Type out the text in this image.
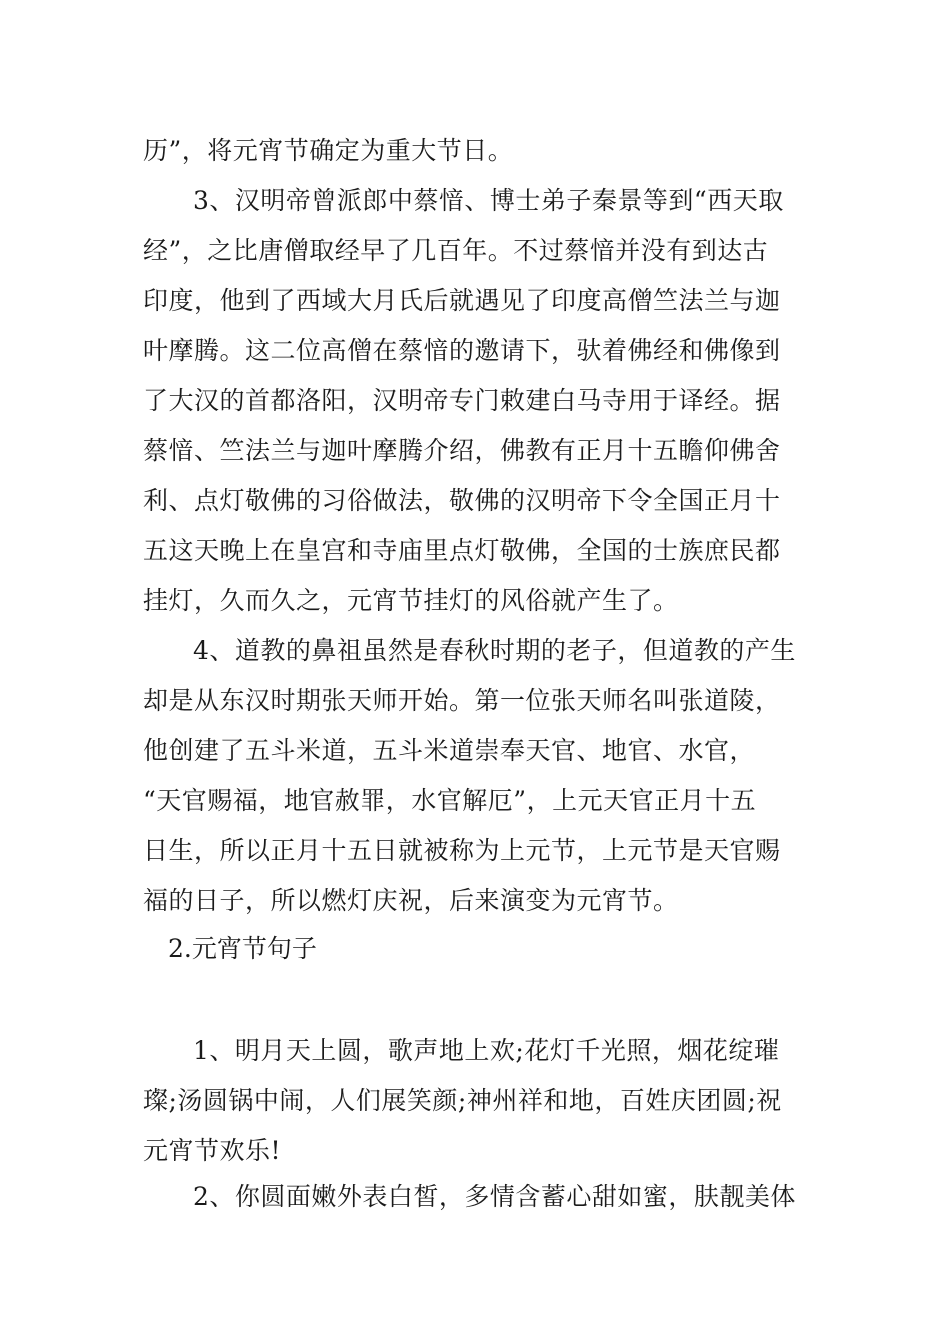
历”，将元宵节确定为重大节日。
3、汉明帝曾派郎中蔡愔、博士弟子秦景等到“西天取
经”，之比唐僧取经早了几百年。不过蔡愔并没有到达古
印度，他到了西域大月氏后就遇见了印度高僧竺法兰与迦
叶摩腾。这二位高僧在蔡愔的邀请下，驮着佛经和佛像到
了大汉的首都洛阳，汉明帝专门敕建白马寺用于译经。据
蔡愔、竺法兰与迦叶摩腾介绍，佛教有正月十五瞻仰佛舍
利、点灯敬佛的习俗做法，敬佛的汉明帝下令全国正月十
五这天晚上在皇宫和寺庙里点灯敬佛，全国的士族庶民都
挂灯，久而久之，元宵节挂灯的风俗就产生了。
4、道教的鼻祖虽然是春秋时期的老子，但道教的产生
却是从东汉时期张天师开始。第一位张天师名叫张道陵，
他创建了五斗米道，五斗米道崇奉天官、地官、水官，
“天官赐福，地官赦罪，水官解厄”，上元天官正月十五
日生，所以正月十五日就被称为上元节，上元节是天官赐
福的日子，所以燃灯庆祝，后来演变为元宵节。
2.元宵节句子
1、明月天上圆，歌声地上欢;花灯千光照，烟花绽璀
璨;汤圆锅中闹，人们展笑颜;神州祥和地，百姓庆团圆;祝
元宵节欢乐!
2、你圆面嫩外表白皙，多情含蓄心甜如蜜，肤靓美体
